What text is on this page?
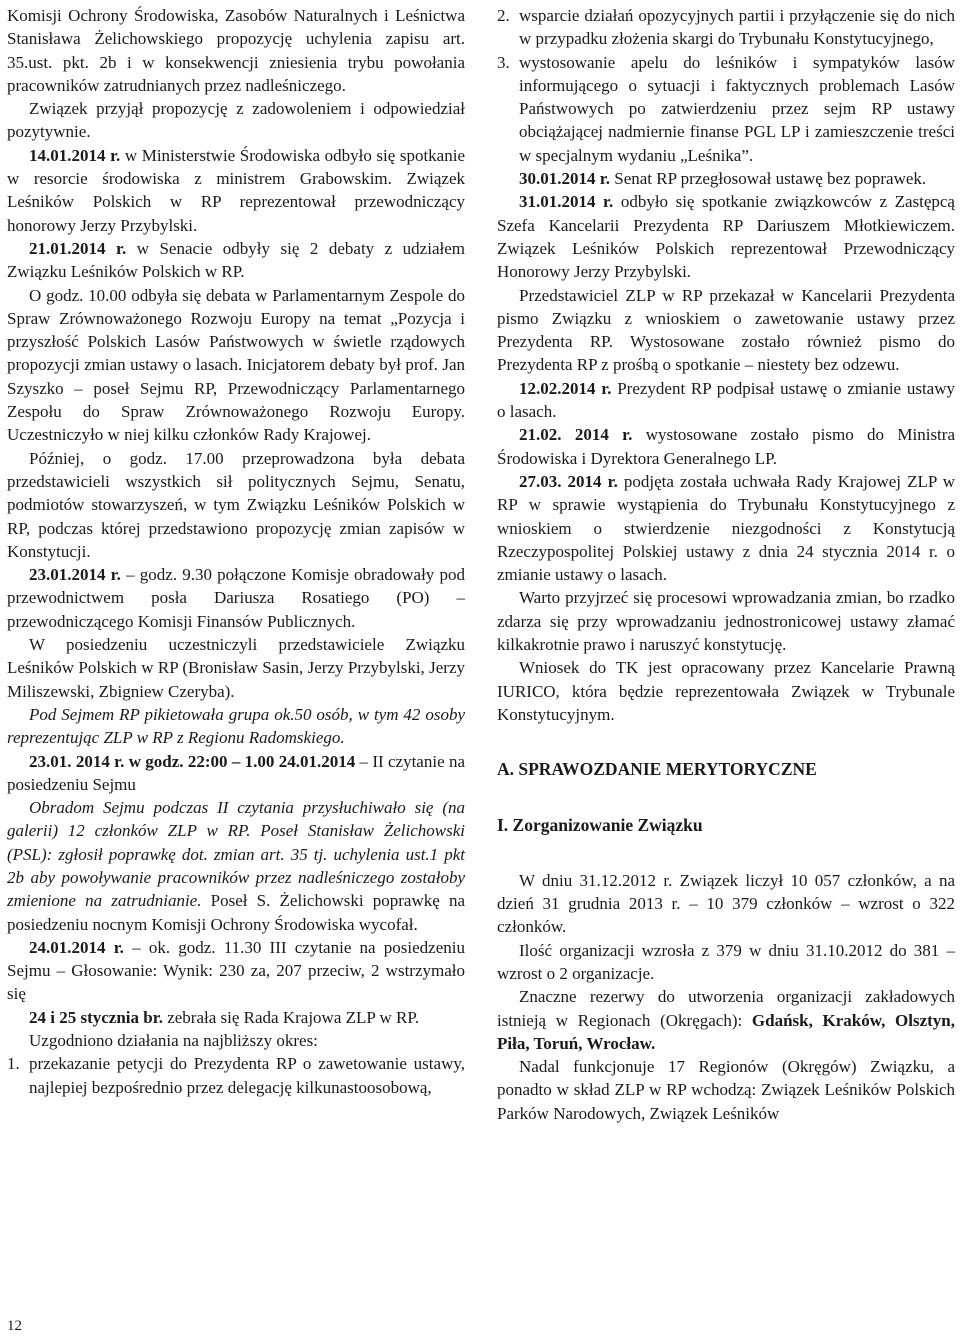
Komisji Ochrony Środowiska, Zasobów Naturalnych i Leśnictwa Stanisława Żelichowskiego propozycję uchylenia zapisu art. 35.ust. pkt. 2b i w konsekwencji zniesienia trybu powołania pracowników zatrudnianych przez nadleśniczego.

Związek przyjął propozycję z zadowoleniem i odpowiedział pozytywnie.

14.01.2014 r. w Ministerstwie Środowiska odbyło się spotkanie w resorcie środowiska z ministrem Grabowskim. Związek Leśników Polskich w RP reprezentował przewodniczący honorowy Jerzy Przybylski.

21.01.2014 r. w Senacie odbyły się 2 debaty z udziałem Związku Leśników Polskich w RP.

O godz. 10.00 odbyła się debata w Parlamentarnym Zespole do Spraw Zrównoważonego Rozwoju Europy na temat „Pozycja i przyszłość Polskich Lasów Państwowych w świetle rządowych propozycji zmian ustawy o lasach. Inicjatorem debaty był prof. Jan Szyszko – poseł Sejmu RP, Przewodniczący Parlamentarnego Zespołu do Spraw Zrównoważonego Rozwoju Europy. Uczestniczyło w niej kilku członków Rady Krajowej.

Później, o godz. 17.00 przeprowadzona była debata przedstawicieli wszystkich sił politycznych Sejmu, Senatu, podmiotów stowarzyszeń, w tym Związku Leśników Polskich w RP, podczas której przedstawiono propozycję zmian zapisów w Konstytucji.

23.01.2014 r. – godz. 9.30 połączone Komisje obradowały pod przewodnictwem posła Dariusza Rosatiego (PO) – przewodniczącego Komisji Finansów Publicznych.

W posiedzeniu uczestniczyli przedstawiciele Związku Leśników Polskich w RP (Bronisław Sasin, Jerzy Przybylski, Jerzy Miliszewski, Zbigniew Czeryba).

Pod Sejmem RP pikietowała grupa ok.50 osób, w tym 42 osoby reprezentując ZLP w RP z Regionu Radomskiego.

23.01. 2014 r. w godz. 22:00 – 1.00 24.01.2014 – II czytanie na posiedzeniu Sejmu

Obradom Sejmu podczas II czytania przysłuchiwało się (na galerii) 12 członków ZLP w RP. Poseł Stanisław Żelichowski (PSL): zgłosił poprawkę dot. zmian art. 35 tj. uchylenia ust.1 pkt 2b aby powoływanie pracowników przez nadleśniczego zostałoby zmienione na zatrudnianie. Poseł S. Żelichowski poprawkę na posiedzeniu nocnym Komisji Ochrony Środowiska wycofał.

24.01.2014 r. – ok. godz. 11.30 III czytanie na posiedzeniu Sejmu – Głosowanie: Wynik: 230 za, 207 przeciw, 2 wstrzymało się

24 i 25 stycznia br. zebrała się Rada Krajowa ZLP w RP.

Uzgodniono działania na najbliższy okres:

1. przekazanie petycji do Prezydenta RP o zawetowanie ustawy, najlepiej bezpośrednio przez delegację kilkunastoosobową,
2. wsparcie działań opozycyjnych partii i przyłączenie się do nich w przypadku złożenia skargi do Trybunału Konstytucyjnego,
3. wystosowanie apelu do leśników i sympatyków lasów informującego o sytuacji i faktycznych problemach Lasów Państwowych po zatwierdzeniu przez sejm RP ustawy obciążającej nadmiernie finanse PGL LP i zamieszczenie treści w specjalnym wydaniu „Leśnika”.

30.01.2014 r. Senat RP przegłosował ustawę bez poprawek.

31.01.2014 r. odbyło się spotkanie związkowców z Zastępcą Szefa Kancelarii Prezydenta RP Dariuszem Młotkiewiczem. Związek Leśników Polskich reprezentował Przewodniczący Honorowy Jerzy Przybylski.

Przedstawiciel ZLP w RP przekazał w Kancelarii Prezydenta pismo Związku z wnioskiem o zawetowanie ustawy przez Prezydenta RP. Wystosowane zostało również pismo do Prezydenta RP z prośbą o spotkanie – niestety bez odzewu.

12.02.2014 r. Prezydent RP podpisał ustawę o zmianie ustawy o lasach.

21.02. 2014 r. wystosowane zostało pismo do Ministra Środowiska i Dyrektora Generalnego LP.

27.03. 2014 r. podjęta została uchwała Rady Krajowej ZLP w RP w sprawie wystąpienia do Trybunału Konstytucyjnego z wnioskiem o stwierdzenie niezgodności z Konstytucją Rzeczypospolitej Polskiej ustawy z dnia 24 stycznia 2014 r. o zmianie ustawy o lasach.

Warto przyjrzeć się procesowi wprowadzania zmian, bo rzadko zdarza się przy wprowadzaniu jednostronicowej ustawy złamać kilkakrotnie prawo i naruszyć konstytucję.

Wniosek do TK jest opracowany przez Kancelarie Prawną IURICO, która będzie reprezentowała Związek w Trybunale Konstytucyjnym.

A. SPRAWOZDANIE MERYTORYCZNE

I. Zorganizowanie Związku

W dniu 31.12.2012 r. Związek liczył 10 057 członków, a na dzień 31 grudnia 2013 r. – 10 379 członków – wzrost o 322 członków.

Ilość organizacji wzrosła z 379 w dniu 31.10.2012 do 381 – wzrost o 2 organizacje.

Znaczne rezerwy do utworzenia organizacji zakładowych istnieją w Regionach (Okręgach): Gdańsk, Kraków, Olsztyn, Piła, Toruń, Wrocław.

Nadal funkcjonuje 17 Regionów (Okręgów) Związku, a ponadto w skład ZLP w RP wchodzą: Związek Leśników Polskich Parków Narodowych, Związek Leśników

12
